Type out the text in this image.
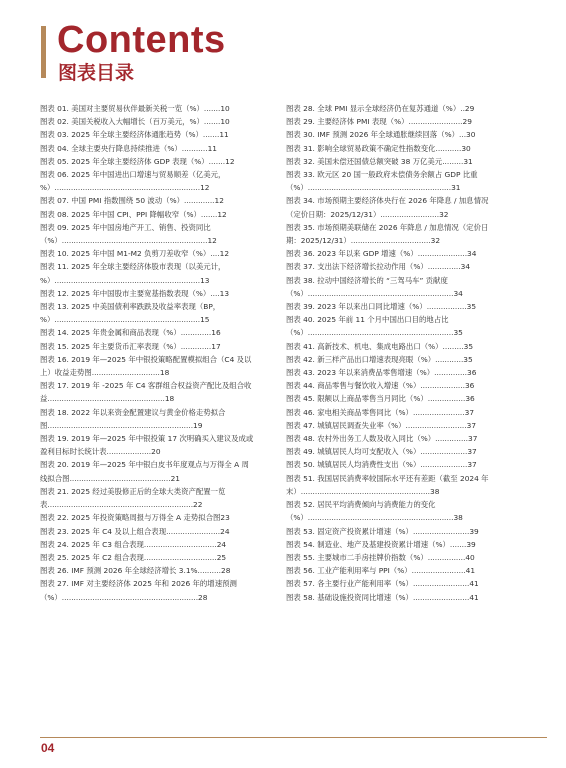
Contents
图表目录
图表 01. 美国对主要贸易伙伴最新关税一览（%）.......10
图表 02. 美国关税收入大幅增长（百万美元，%）.......10
图表 03. 2025 年全球主要经济体通胀趋势（%）.......11
图表 04. 全球主要央行降息持续推进（%）...........11
图表 05. 2025 年全球主要经济体 GDP 表现（%）.......12
图表 06. 2025 年中国进出口增速与贸易顺差（亿美元，%）..............................................................12
图表 07. 中国 PMI 指数围绕 50 波动（%）.............12
图表 08. 2025 年中国 CPI、PPI 降幅收窄（%）.......12
图表 09. 2025 年中国房地产开工、销售、投资同比（%）..............................................................12
图表 10. 2025 年中国 M1-M2 负剪刀差收窄（%）....12
图表 11. 2025 年全球主要经济体股市表现（以美元计，%）..............................................................13
图表 12. 2025 年中国股市主要宽基指数表现（%）....13
图表 13. 2025 中美国债利率跌跌及收益率表现（BP，%）..............................................................15
图表 14. 2025 年贵金属和商品表现（%）.............16
图表 15. 2025 年主要货币汇率表现（%）.............17
图表 16. 2019 年—2025 年中银投策略配置模拟组合（C4 及以上）收益走势图.............................18
图表 17. 2019 年 -2025 年 C4 客群组合权益资产配比及组合收益..................................................18
图表 18. 2022 年以来资金配置建议与黄金价格走势拟合图..............................................................19
图表 19. 2019 年—2025 年中银投策 17 次明确买入建议及成或盈利目标时长统计表...................20
图表 20. 2019 年—2025 年中银白皮书年度观点与万得全 A 周线拟合图...........................................21
图表 21. 2025 经过美股修正后的全球大类资产配置一览表..............................................................22
图表 22. 2025 年投资策略周报与万得全 A 走势拟合图23
图表 23. 2025 年 C4 及以上组合表现.......................24
图表 24. 2025 年 C3 组合表现...............................24
图表 25. 2025 年 C2 组合表现...............................25
图表 26. IMF 预测 2026 年全球经济增长 3.1%..........28
图表 27. IMF 对主要经济体 2025 年和 2026 年的增速预测（%）..........................................................28
图表 28. 全球 PMI 显示全球经济仍在复苏通道（%）..29
图表 29. 主要经济体 PMI 表现（%）.......................29
图表 30. IMF 预测 2026 年全球通胀继续回落（%）...30
图表 31. 影响全球贸易政策不确定性指数变化...........30
图表 32. 美国未偿还国债总额突破 38 万亿美元.........31
图表 33. 欧元区 20 国一般政府未偿债务余额占 GDP 比重（%）.............................................................31
图表 34. 市场预期主要经济体央行在 2026 年降息 / 加息情况（定价日期：2025/12/31）.........................32
图表 35. 市场预期美联储在 2026 年降息 / 加息情况（定价日期：2025/12/31）..................................32
图表 36. 2023 年以来 GDP 增速（%）.....................34
图表 37. 支出法下经济增长拉动作用（%）..............34
图表 38. 拉动中国经济增长的 “三驾马车” 贡献度（%）..............................................................34
图表 39. 2023 年以来出口同比增速（%）.................35
图表 40. 2025 年前 11 个月中国出口目的地占比（%）..............................................................35
图表 41. 高新技术、机电、集成电路出口（%）.........35
图表 42. 新三样产品出口增速表现亮眼（%）............35
图表 43. 2023 年以来消费品零售增速（%）..............36
图表 44. 商品零售与餐饮收入增速（%）...................36
图表 45. 限额以上商品零售当月同比（%）................36
图表 46. 家电相关商品零售同比（%）......................37
图表 47. 城镇居民调查失业率（%）..........................37
图表 48. 农村外出务工人数及收入同比（%）..............37
图表 49. 城镇居民人均可支配收入（%）....................37
图表 50. 城镇居民人均消费性支出（%）....................37
图表 51. 我国居民消费率较国际水平还有差距（截至 2024 年末）.......................................................38
图表 52. 居民平均消费倾向与消费能力的变化（%）..............................................................38
图表 53. 固定资产投资累计增速（%）........................39
图表 54. 制造业、地产及基建投资累计增速（%）.......39
图表 55. 主要城市二手房挂牌价指数（%）................40
图表 56. 工业产能利用率与 PPI（%）.......................41
图表 57. 各主要行业产能利用率（%）........................41
图表 58. 基础设施投资同比增速（%）........................41
04
